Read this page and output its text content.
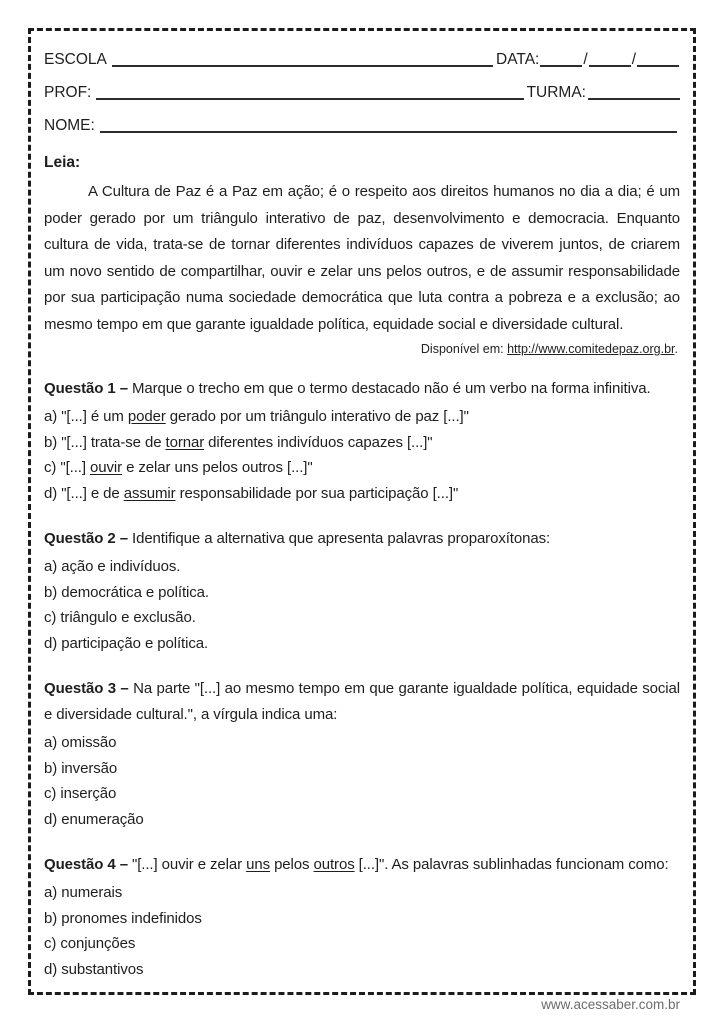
ESCOLA	DATA:	/	/
PROF:	TURMA:
NOME:

Leia:

A Cultura de Paz é a Paz em ação; é o respeito aos direitos humanos no dia a dia; é um poder gerado por um triângulo interativo de paz, desenvolvimento e democracia. Enquanto cultura de vida, trata-se de tornar diferentes indivíduos capazes de viverem juntos, de criarem um novo sentido de compartilhar, ouvir e zelar uns pelos outros, e de assumir responsabilidade por sua participação numa sociedade democrática que luta contra a pobreza e a exclusão; ao mesmo tempo em que garante igualdade política, equidade social e diversidade cultural.

Disponível em: http://www.comitedepaz.org.br.

Questão 1 – Marque o trecho em que o termo destacado não é um verbo na forma infinitiva.

a) "[...] é um poder gerado por um triângulo interativo de paz [...]"

b) "[...] trata-se de tornar diferentes indivíduos capazes [...]"

c) "[...] ouvir e zelar uns pelos outros [...]"

d) "[...] e de assumir responsabilidade por sua participação [...]"

Questão 2 – Identifique a alternativa que apresenta palavras proparoxítonas:

a) ação e indivíduos.

b) democrática e política.

c) triângulo e exclusão.

d) participação e política.

Questão 3 – Na parte "[...] ao mesmo tempo em que garante igualdade política, equidade social e diversidade cultural.", a vírgula indica uma:

a) omissão

b) inversão

c) inserção

d) enumeração

Questão 4 – "[...] ouvir e zelar uns pelos outros [...]". As palavras sublinhadas funcionam como:

a) numerais

b) pronomes indefinidos

c) conjunções

d) substantivos

www.acessaber.com.br
